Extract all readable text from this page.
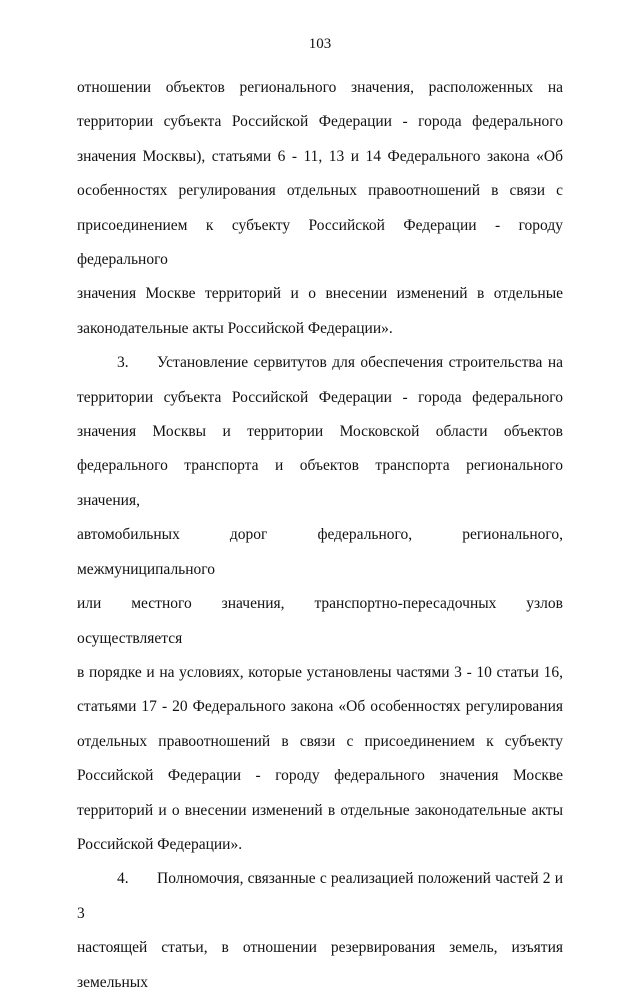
103
отношении объектов регионального значения, расположенных на
территории субъекта Российской Федерации - города федерального
значения Москвы), статьями 6 - 11, 13 и 14 Федерального закона «Об
особенностях регулирования отдельных правоотношений в связи с
присоединением к субъекту Российской Федерации - городу федерального
значения Москве территорий и о внесении изменений в отдельные
законодательные акты Российской Федерации».
3. Установление сервитутов для обеспечения строительства на
территории субъекта Российской Федерации - города федерального
значения Москвы и территории Московской области объектов
федерального транспорта и объектов транспорта регионального значения,
автомобильных дорог федерального, регионального, межмуниципального
или местного значения, транспортно-пересадочных узлов осуществляется
в порядке и на условиях, которые установлены частями 3 - 10 статьи 16,
статьями 17 - 20 Федерального закона «Об особенностях регулирования
отдельных правоотношений в связи с присоединением к субъекту
Российской Федерации - городу федерального значения Москве
территорий и о внесении изменений в отдельные законодательные акты
Российской Федерации».
4. Полномочия, связанные с реализацией положений частей 2 и 3
настоящей статьи, в отношении резервирования земель, изъятия земельных
